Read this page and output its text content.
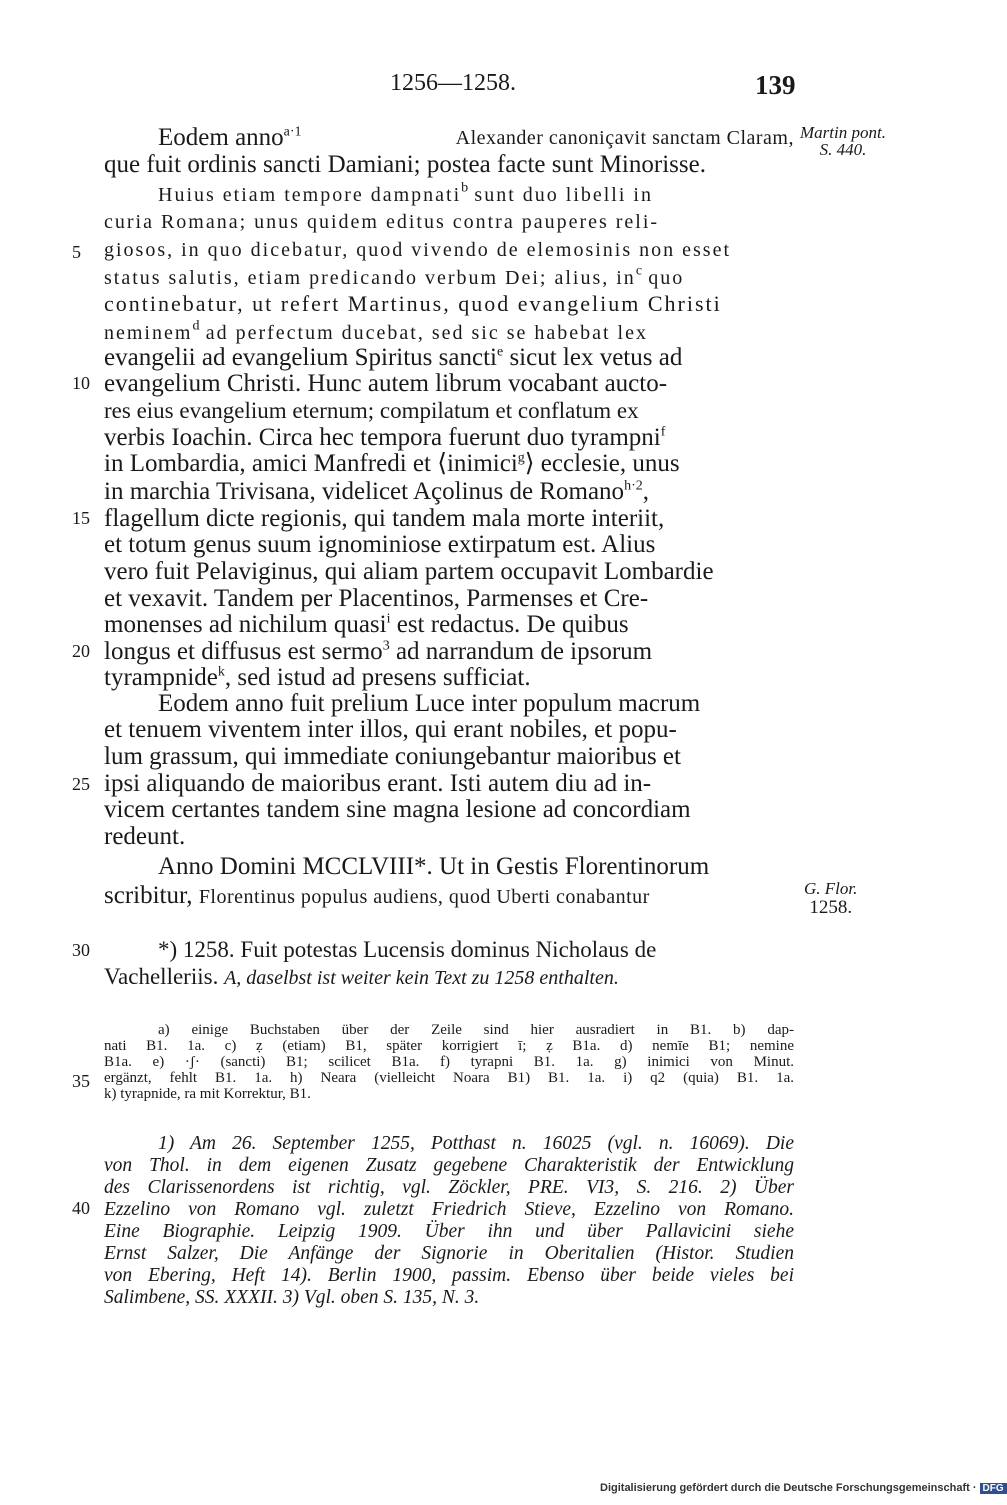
1256—1258.	139
Martin pont.
S. 440.
G. Flor.
1258.
5
10
15
20
25
30
35
40
Eodem anno$^{a\cdot 1}$	Alexander canoniçavit sanctam Claram,
que fuit ordinis sancti Damiani; postea facte sunt Minorisse.
Huius etiam tempore dampnati$^b$ sunt duo libelli in
curia Romana; unus quidem editus contra pauperes reli-
giosos, in quo dicebatur, quod vivendo de elemosinis non esset
status salutis, etiam predicando verbum Dei; alius, $in^c$ quo
continebatur, ut refert Martinus, quod evangelium Christi
neminem$^d$ ad perfectum ducebat, sed sic se habebat lex
evangelii ad evangelium Spiritus sancti$^e$ sicut lex vetus ad
evangelium Christi. Hunc autem librum vocabant aucto-
res eius evangelium eternum; compilatum et conflatum ex
verbis Ioachin. Circa hec tempora fuerunt duo tyrampni$^f$
in Lombardia, amici Manfredi et ⟨inimici$^g$⟩ ecclesie, unus
in marchia Trivisana, videlicet Açolinus de Romano$^{h\cdot 2}$,
flagellum dicte regionis, qui tandem mala morte interiit,
et totum genus suum ignominiose extirpatum est. Alius
vero fuit Pelaviginus, qui aliam partem occupavit Lombardie
et vexavit. Tandem per Placentinos, Parmenses et Cre-
monenses ad nichilum quasi$^i$ est redactus. De quibus
longus et diffusus est sermo$^3$ ad narrandum de ipsorum
tyrampnide$^k$, sed istud ad presens sufficiat.
Eodem anno fuit prelium Luce inter populum macrum
et tenuem viventem inter illos, qui erant nobiles, et popu-
lum grassum, qui immediate coniungebantur maioribus et
ipsi aliquando de maioribus erant. Isti autem diu ad in-
vicem certantes tandem sine magna lesione ad concordiam
redeunt.
Anno Domini MCCLVIII*. Ut in Gestis Florentinorum
scribitur, Florentinus populus audiens, quod Uberti conabantur
*) 1258. Fuit potestas Lucensis dominus Nicholaus de
Vachelleriis. A, daselbst ist weiter kein Text zu 1258 enthalten.
a) einige Buchstaben über der Zeile sind hier ausradiert in B1. b) dap-
nati B1. 1a. c) ẓ (etiam) B1, später korrigiert ī; ẓ B1a. d) nemīe B1; nemine
B1a. e) ·ʃ· (sancti) B1; scilicet B1a. f) tyrapni B1. 1a. g) inimici von Minut.
ergänzt, fehlt B1. 1a. h) Neara (vielleicht Noara B1) B1. 1a. i) q2 (quia) B1. 1a.
k) tyrapnide, ra mit Korrektur, B1.
1) Am 26. September 1255, Potthast n. 16025 (vgl. n. 16069). Die
von Thol. in dem eigenen Zusatz gegebene Charakteristik der Entwicklung
des Clarissenordens ist richtig, vgl. Zöckler, PRE. VI3, S. 216. 2) Über
Ezzelino von Romano vgl. zuletzt Friedrich Stieve, Ezzelino von Romano.
Eine Biographie. Leipzig 1909. Über ihn und über Pallavicini siehe
Ernst Salzer, Die Anfänge der Signorie in Oberitalien (Histor. Studien
von Ebering, Heft 14). Berlin 1900, passim. Ebenso über beide vieles bei
Salimbene, SS. XXXII. 3) Vgl. oben S. 135, N. 3.
Digitalisierung gefördert durch die Deutsche Forschungsgemeinschaft · DFG
